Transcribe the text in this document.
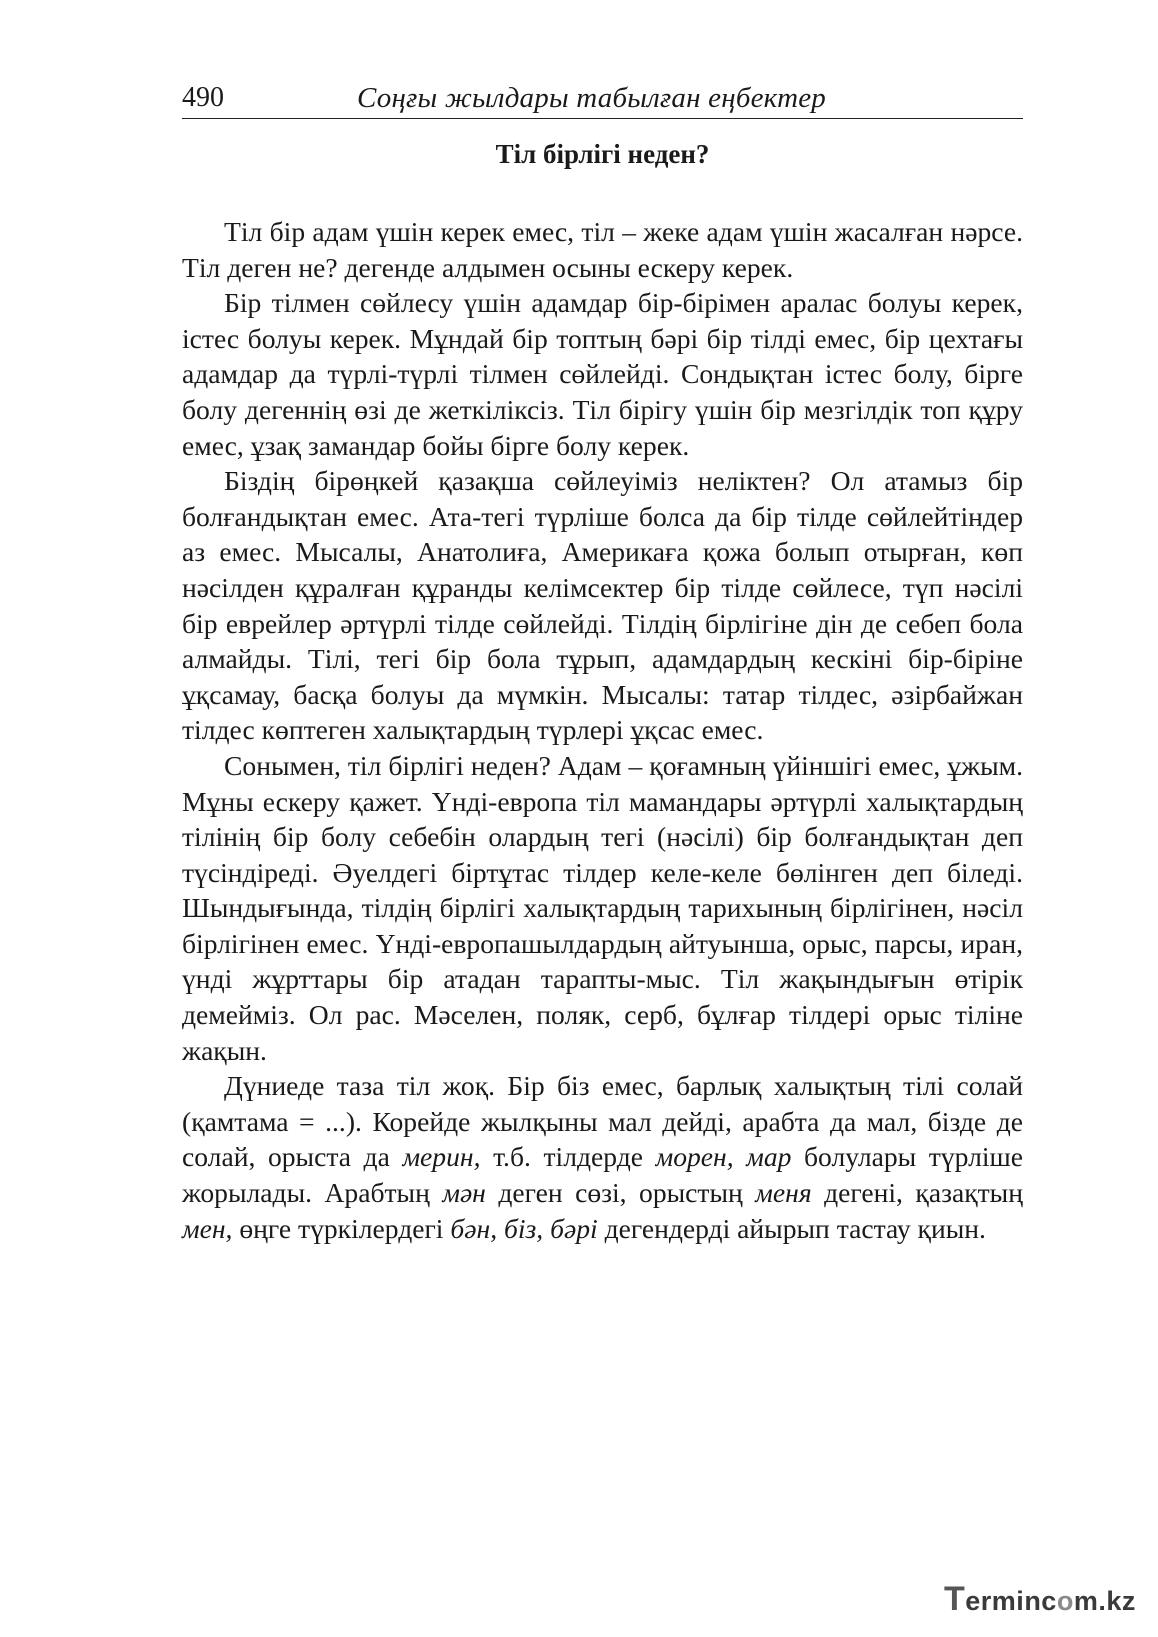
490	Соңғы жылдары табылған еңбектер
Тіл бірлігі неден?

Тіл бір адам үшін керек емес, тіл – жеке адам үшін жасалған нәрсе. Тіл деген не? дегенде алдымен осыны ескеру керек.

Бір тілмен сөйлесу үшін адамдар бір-бірімен аралас болуы керек, істес болуы керек. Мұндай бір топтың бәрі бір тілді емес, бір цехтағы адамдар да түрлі-түрлі тілмен сөйлейді. Сондықтан істес болу, бірге болу дегеннің өзі де жеткіліксіз. Тіл бірігу үшін бір мезгілдік топ құру емес, ұзақ замандар бойы бірге болу керек.

Біздің бірөңкей қазақша сөйлеуіміз неліктен? Ол атамыз бір болғандықтан емес. Ата-тегі түрліше болса да бір тілде сөйлейтіндер аз емес. Мысалы, Анатолиға, Америкаға қожа болып отырған, көп нәсілден құралған құранды келімсектер бір тілде сөйлесе, түп нәсілі бір еврейлер әртүрлі тілде сөйлейді. Тілдің бірлігіне дін де себеп бола алмайды. Тілі, тегі бір бола тұрып, адамдардың кескіні бір-біріне ұқсамау, басқа болуы да мүмкін. Мысалы: татар тілдес, әзірбайжан тілдес көптеген халықтардың түрлері ұқсас емес.

Сонымен, тіл бірлігі неден? Адам – қоғамның үйіншігі емес, ұжым. Мұны ескеру қажет. Үнді-европа тіл мамандары әртүрлі халықтардың тілінің бір болу себебін олардың тегі (нәсілі) бір болғандықтан деп түсіндіреді. Әуелдегі біртұтас тілдер келе-келе бөлінген деп біледі. Шындығында, тілдің бірлігі халықтардың тарихының бірлігінен, нәсіл бірлігінен емес. Үнді-европашылдардың айтуынша, орыс, парсы, иран, үнді жұрттары бір атадан тарапты-мыс. Тіл жақындығын өтірік демейміз. Ол рас. Мәселен, поляк, серб, бұлғар тілдері орыс тіліне жақын.

Дүниеде таза тіл жоқ. Бір біз емес, барлық халықтың тілі солай (қамтама = ...). Корейде жылқыны мал дейді, арабта да мал, бізде де солай, орыста да мерин, т.б. тілдерде морен, мар болулары түрліше жорылады. Арабтың мән деген сөзі, орыстың меня дегені, қазақтың мен, өңге түркілердегі бән, біз, бәрі дегендерді айырып тастау қиын.

Termincom.kz
